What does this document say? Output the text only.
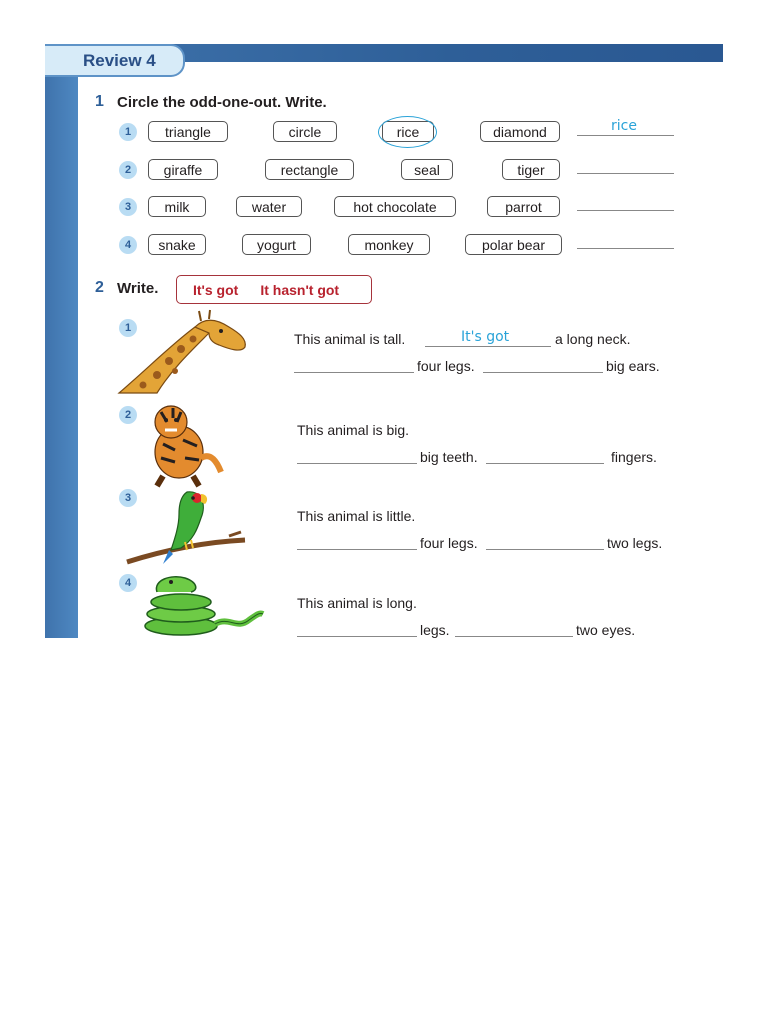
Review 4
1 Circle the odd-one-out. Write.
1	triangle	circle	rice	diamond	rice
2	giraffe	rectangle	seal	tiger
3	milk	water	hot chocolate	parrot
4	snake	yogurt	monkey	polar bear
2 Write. It's got It hasn't got
1
This animal is tall.	It's got	a long neck.
four legs.	big ears.
2
This animal is big.
big teeth.	fingers.
3
This animal is little.
four legs.	two legs.
4
This animal is long.
legs.	two eyes.
